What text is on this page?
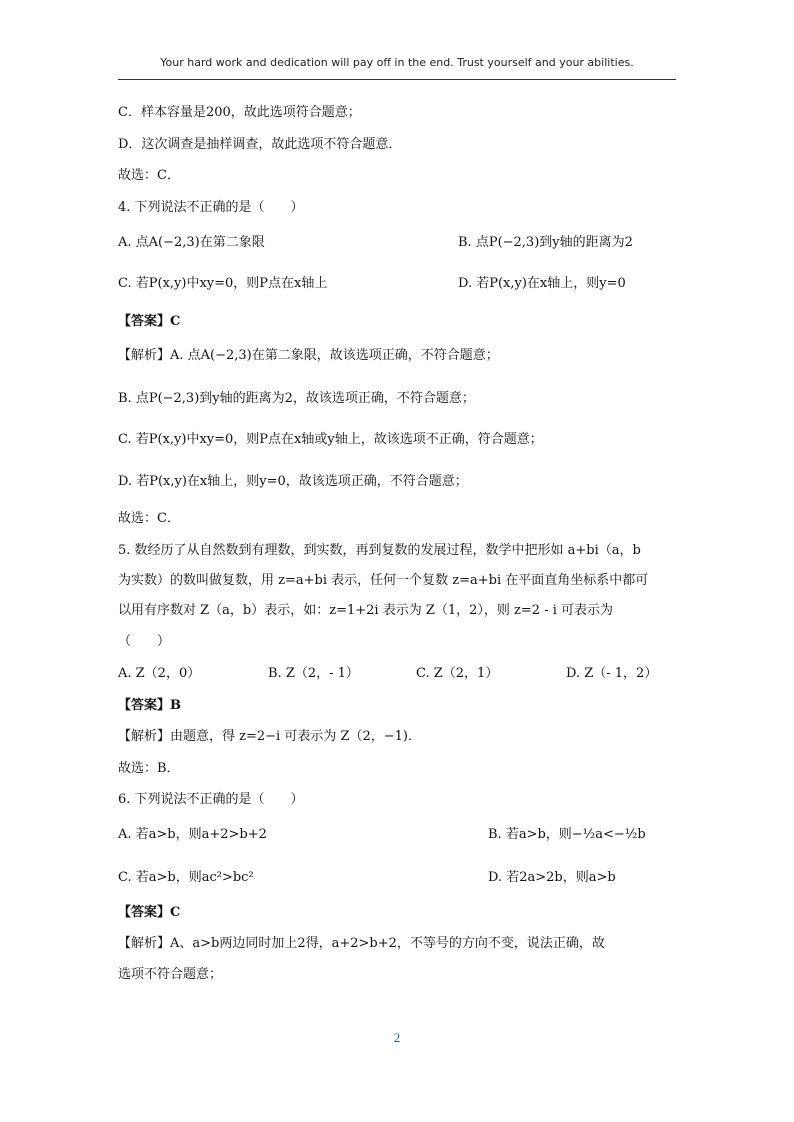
Your hard work and dedication will pay off in the end. Trust yourself and your abilities.
C．样本容量是200，故此选项符合题意；
D．这次调查是抽样调查，故此选项不符合题意．
故选：C．
4. 下列说法不正确的是（　　）
A. 点A(−2,3)在第二象限	B. 点P(−2,3)到y轴的距离为2
C. 若P(x,y)中xy=0，则P点在x轴上	D. 若P(x,y)在x轴上，则y=0
【答案】C
【解析】A. 点A(−2,3)在第二象限，故该选项正确，不符合题意；
B. 点P(−2,3)到y轴的距离为2，故该选项正确，不符合题意；
C. 若P(x,y)中xy=0，则P点在x轴或y轴上，故该选项不正确，符合题意；
D. 若P(x,y)在x轴上，则y=0，故该选项正确，不符合题意；
故选：C．
5. 数经历了从自然数到有理数，到实数，再到复数的发展过程，数学中把形如 a+bi（a，b
为实数）的数叫做复数，用 z=a+bi 表示，任何一个复数 z=a+bi 在平面直角坐标系中都可
以用有序数对 Z（a，b）表示，如：z=1+2i 表示为 Z（1，2），则 z=2 - i 可表示为
（　　）
A. Z（2，0）	B. Z（2，- 1）	C. Z（2，1）	D. Z（- 1，2）
【答案】B
【解析】由题意，得 z=2−i 可表示为 Z（2，−1)．
故选：B．
6. 下列说法不正确的是（　　）
A. 若a>b，则a+2>b+2	B. 若a>b，则−½a<−½b
C. 若a>b，则ac²>bc²	D. 若2a>2b，则a>b
【答案】C
【解析】A、a>b两边同时加上2得，a+2>b+2，不等号的方向不变，说法正确，故
选项不符合题意；
2
